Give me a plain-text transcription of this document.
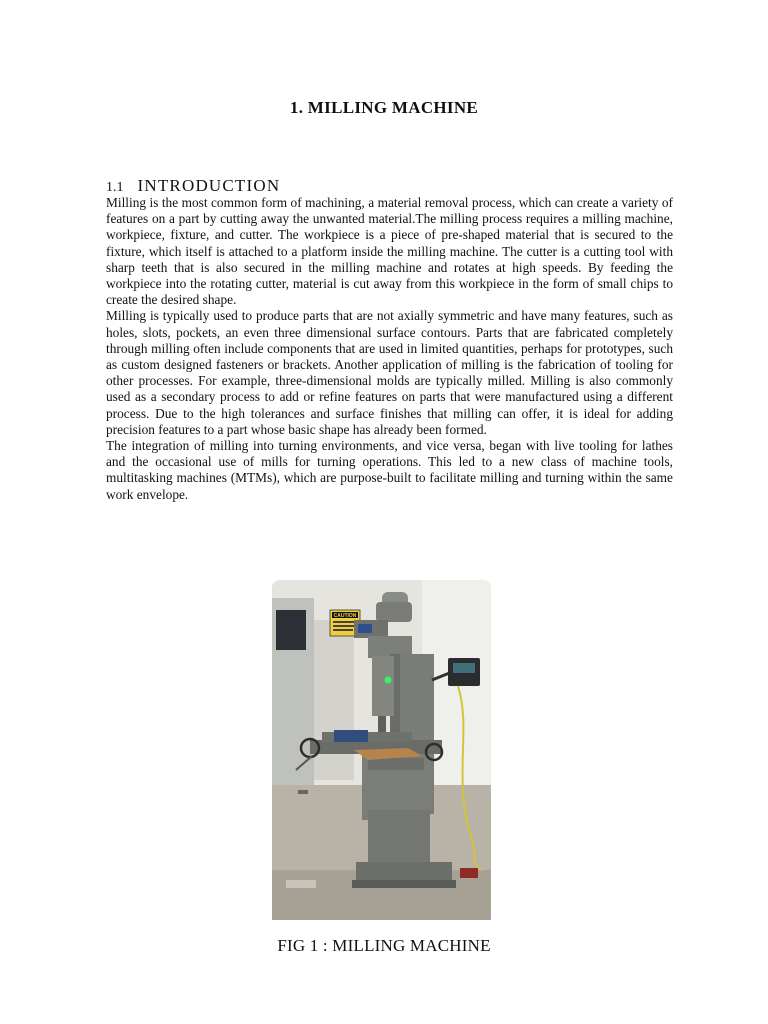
1. MILLING MACHINE
1.1 INTRODUCTION

Milling is the most common form of machining, a material removal process, which can create a variety of features on a part by cutting away the unwanted material.The milling process requires a milling machine, workpiece, fixture, and cutter. The workpiece is a piece of pre-shaped material that is secured to the fixture, which itself is attached to a platform inside the milling machine. The cutter is a cutting tool with sharp teeth that is also secured in the milling machine and rotates at high speeds. By feeding the workpiece into the rotating cutter, material is cut away from this workpiece in the form of small chips to create the desired shape.

Milling is typically used to produce parts that are not axially symmetric and have many features, such as holes, slots, pockets, an even three dimensional surface contours. Parts that are fabricated completely through milling often include components that are used in limited quantities, perhaps for prototypes, such as custom designed fasteners or brackets. Another application of milling is the fabrication of tooling for other processes. For example, three-dimensional molds are typically milled. Milling is also commonly used as a secondary process to add or refine features on parts that were manufactured using a different process. Due to the high tolerances and surface finishes that milling can offer, it is ideal for adding precision features to a part whose basic shape has already been formed.

The integration of milling into turning environments, and vice versa, began with live tooling for lathes and the occasional use of mills for turning operations. This led to a new class of machine tools, multitasking machines (MTMs), which are purpose-built to facilitate milling and turning within the same work envelope.

CAUTION
FIG 1 : MILLING MACHINE
